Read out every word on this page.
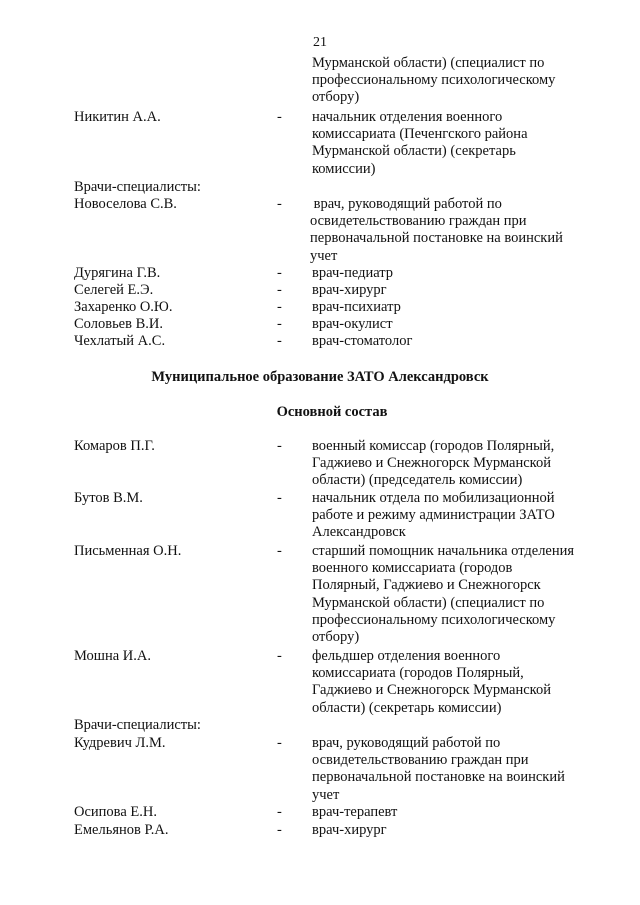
21
Мурманской области) (специалист по
профессиональному психологическому
отбору)
Никитин А.А.	- начальник отделения военного
комиссариата (Печенгского района
Мурманской области) (секретарь
комиссии)
Врачи-специалисты:
Новоселова С.В.	- врач, руководящий работой по
освидетельствованию граждан при
первоначальной постановке на воинский
учет
Дурягина Г.В.	- врач-педиатр
Селегей Е.Э.	- врач-хирург
Захаренко О.Ю.	- врач-психиатр
Соловьев В.И.	- врач-окулист
Чехлатый А.С.	- врач-стоматолог
Муниципальное образование ЗАТО Александровск
Основной состав
Комаров П.Г.	- военный комиссар (городов Полярный,
Гаджиево и Снежногорск Мурманской
области) (председатель комиссии)
Бутов В.М.	- начальник отдела по мобилизационной
работе и режиму администрации ЗАТО
Александровск
Письменная О.Н.	- старший помощник начальника отделения
военного комиссариата (городов
Полярный, Гаджиево и Снежногорск
Мурманской области) (специалист по
профессиональному психологическому
отбору)
Мошна И.А.	- фельдшер отделения военного
комиссариата (городов Полярный,
Гаджиево и Снежногорск Мурманской
области) (секретарь комиссии)
Врачи-специалисты:
Кудревич Л.М.	- врач, руководящий работой по
освидетельствованию граждан при
первоначальной постановке на воинский
учет
Осипова Е.Н.	- врач-терапевт
Емельянов Р.А.	- врач-хирург
